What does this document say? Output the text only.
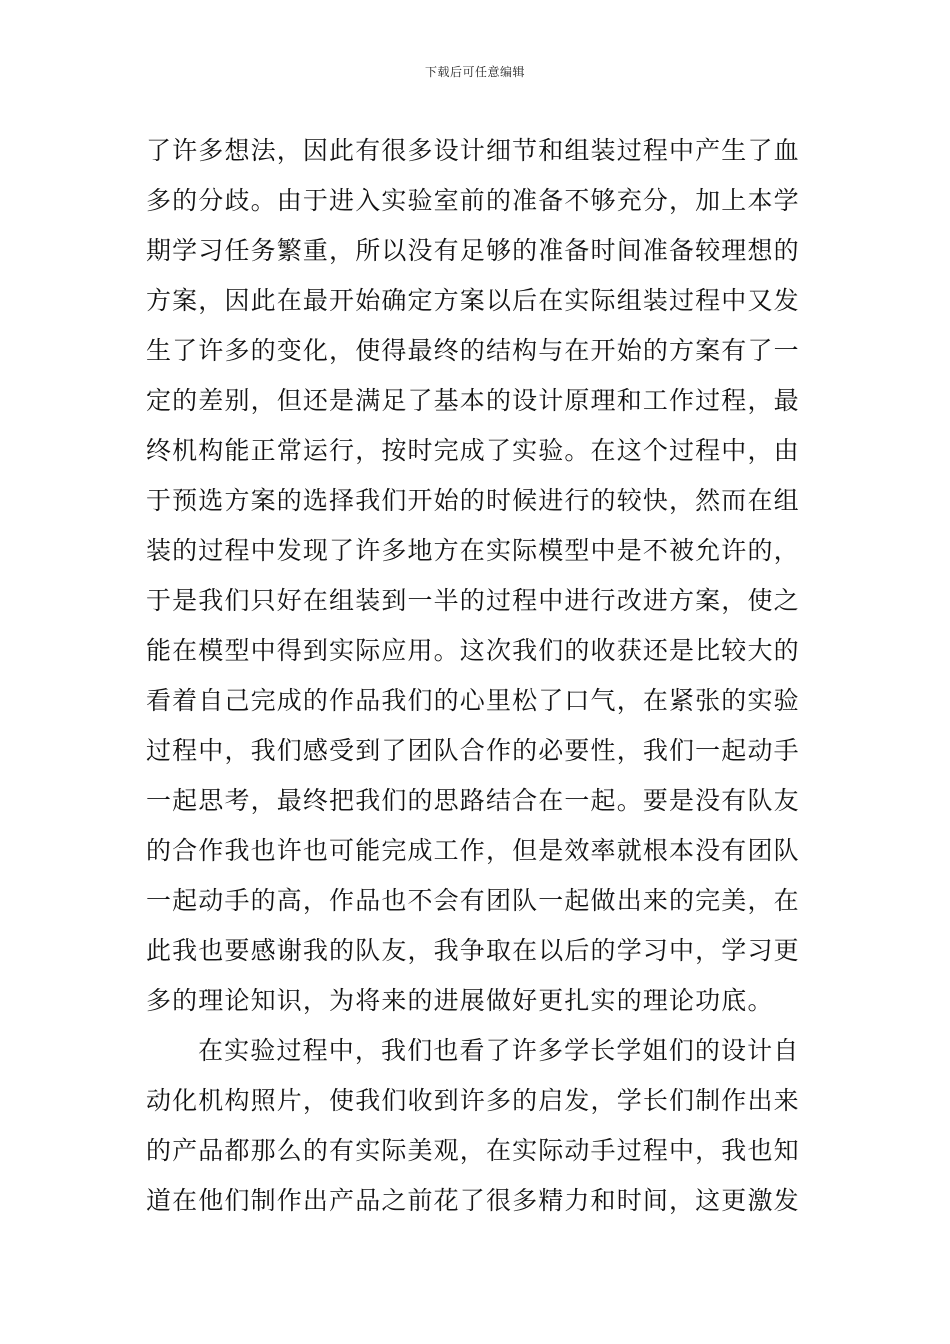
下载后可任意编辑
了许多想法，因此有很多设计细节和组装过程中产生了血
多的分歧。由于进入实验室前的准备不够充分，加上本学
期学习任务繁重，所以没有足够的准备时间准备较理想的
方案，因此在最开始确定方案以后在实际组装过程中又发
生了许多的变化，使得最终的结构与在开始的方案有了一
定的差别，但还是满足了基本的设计原理和工作过程，最
终机构能正常运行，按时完成了实验。在这个过程中，由
于预选方案的选择我们开始的时候进行的较快，然而在组
装的过程中发现了许多地方在实际模型中是不被允许的，
于是我们只好在组装到一半的过程中进行改进方案，使之
能在模型中得到实际应用。这次我们的收获还是比较大的
看着自己完成的作品我们的心里松了口气，在紧张的实验
过程中，我们感受到了团队合作的必要性，我们一起动手
一起思考，最终把我们的思路结合在一起。要是没有队友
的合作我也许也可能完成工作，但是效率就根本没有团队
一起动手的高，作品也不会有团队一起做出来的完美，在
此我也要感谢我的队友，我争取在以后的学习中，学习更
多的理论知识，为将来的进展做好更扎实的理论功底。
在实验过程中，我们也看了许多学长学姐们的设计自
动化机构照片，使我们收到许多的启发，学长们制作出来
的产品都那么的有实际美观，在实际动手过程中，我也知
道在他们制作出产品之前花了很多精力和时间，这更激发
